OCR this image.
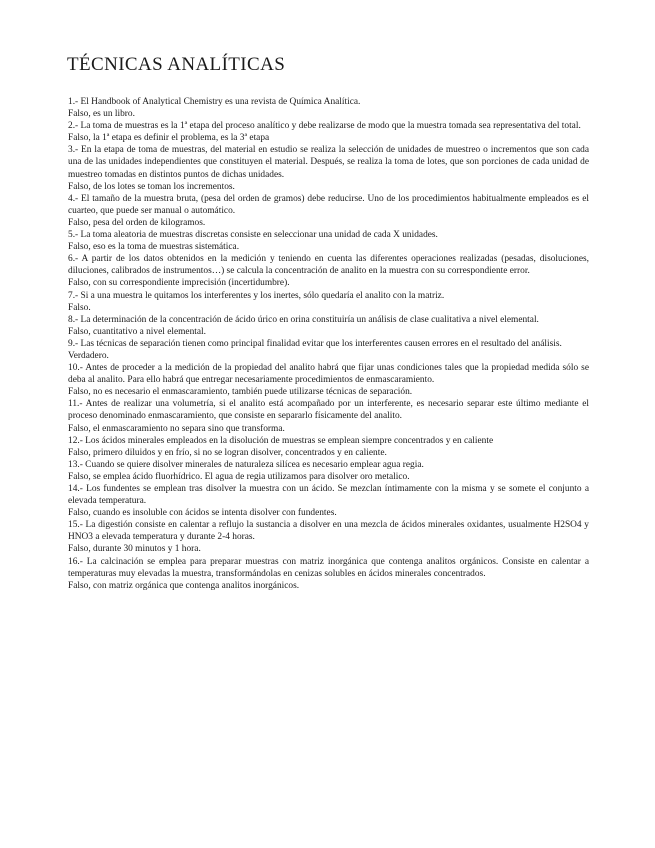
TÉCNICAS ANALÍTICAS
1.- El Handbook of Analytical Chemistry es una revista de Química Analítica.
Falso, es un libro.
2.- La toma de muestras es la 1ª etapa del proceso analítico y debe realizarse de modo que la muestra tomada sea representativa del total.
Falso, la 1ª etapa es definir el problema, es la 3ª etapa
3.- En la etapa de toma de muestras, del material en estudio se realiza la selección de unidades de muestreo o incrementos que son cada una de las unidades independientes que constituyen el material. Después, se realiza la toma de lotes, que son porciones de cada unidad de muestreo tomadas en distintos puntos de dichas unidades.
Falso, de los lotes se toman los incrementos.
4.- El tamaño de la muestra bruta, (pesa del orden de gramos) debe reducirse. Uno de los procedimientos habitualmente empleados es el cuarteo, que puede ser manual o automático.
Falso, pesa del orden de kilogramos.
5.- La toma aleatoria de muestras discretas consiste en seleccionar una unidad de cada X unidades.
Falso, eso es la toma de muestras sistemática.
6.- A partir de los datos obtenidos en la medición y teniendo en cuenta las diferentes operaciones realizadas (pesadas, disoluciones, diluciones, calibrados de instrumentos…) se calcula la concentración de analito en la muestra con su correspondiente error.
Falso, con su correspondiente imprecisión (incertidumbre).
7.- Si a una muestra le quitamos los interferentes y los inertes, sólo quedaría el analito con la matriz.
Falso.
8.- La determinación de la concentración de ácido úrico en orina constituiría un análisis de clase cualitativa a nivel elemental.
Falso, cuantitativo a nivel elemental.
9.- Las técnicas de separación tienen como principal finalidad evitar que los interferentes causen errores en el resultado del análisis.
Verdadero.
10.- Antes de proceder a la medición de la propiedad del analito habrá que fijar unas condiciones tales que la propiedad medida sólo se deba al analito. Para ello habrá que entregar necesariamente procedimientos de enmascaramiento.
Falso, no es necesario el enmascaramiento, también puede utilizarse técnicas de separación.
11.- Antes de realizar una volumetría, si el analito está acompañado por un interferente, es necesario separar este último mediante el proceso denominado enmascaramiento, que consiste en separarlo físicamente del analito.
Falso, el enmascaramiento no separa sino que transforma.
12.- Los ácidos minerales empleados en la disolución de muestras se emplean siempre concentrados y en caliente
Falso, primero diluidos y en frío, si no se logran disolver, concentrados y en caliente.
13.- Cuando se quiere disolver minerales de naturaleza silícea es necesario emplear agua regia.
Falso, se emplea ácido fluorhídrico. El agua de regia utilizamos para disolver oro metalico.
14.- Los fundentes se emplean tras disolver la muestra con un ácido. Se mezclan íntimamente con la misma y se somete el conjunto a elevada temperatura.
Falso, cuando es insoluble con ácidos se intenta disolver con fundentes.
15.- La digestión consiste en calentar a reflujo la sustancia a disolver en una mezcla de ácidos minerales oxidantes, usualmente H2SO4 y HNO3 a elevada temperatura y durante 2-4 horas.
Falso, durante 30 minutos y 1 hora.
16.- La calcinación se emplea para preparar muestras con matriz inorgánica que contenga analitos orgánicos. Consiste en calentar a temperaturas muy elevadas la muestra, transformándolas en cenizas solubles en ácidos minerales concentrados.
Falso, con matriz orgánica que contenga analitos inorgánicos.
